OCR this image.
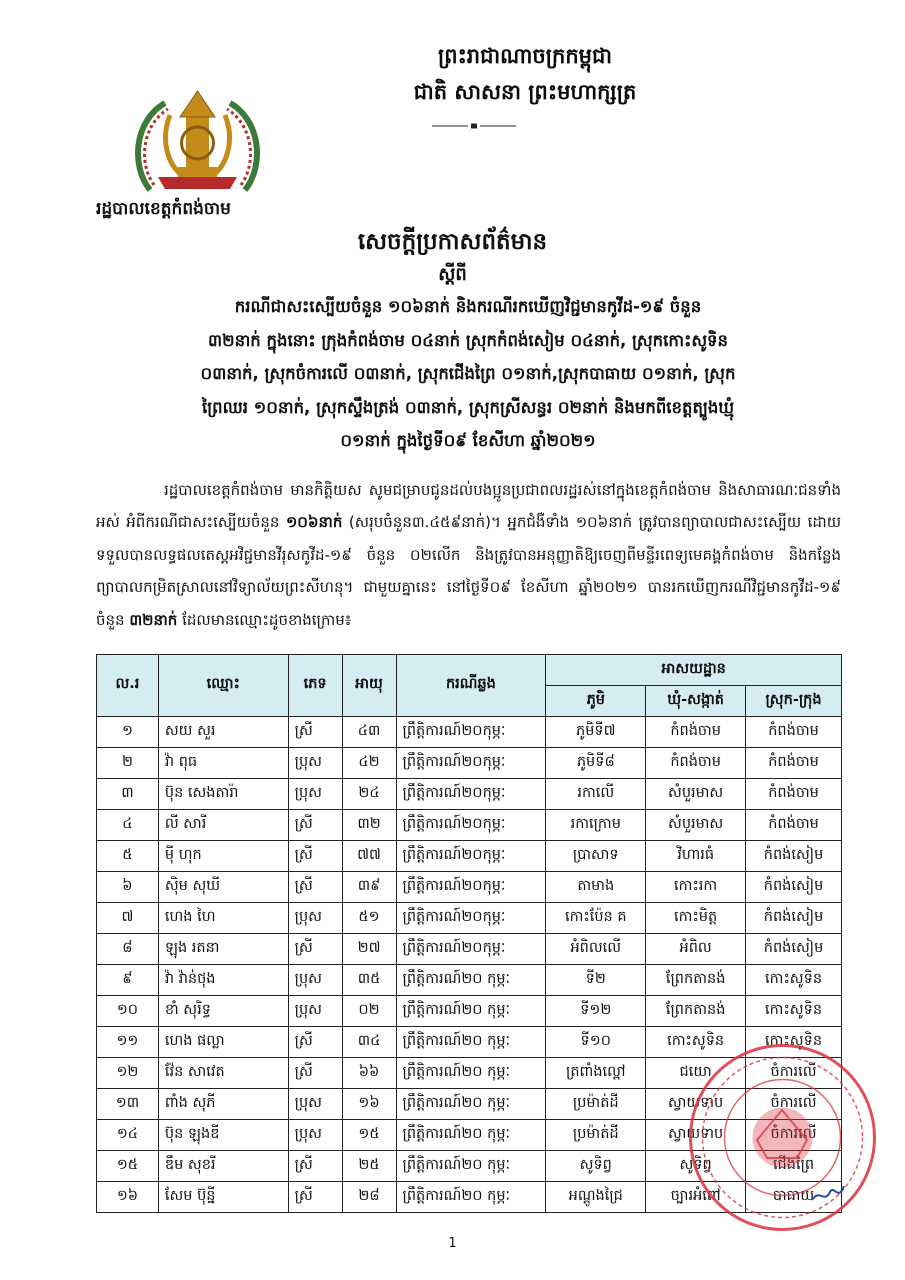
ព្រះរាជាណាចក្រកម្ពុជា
ជាតិ សាសនា ព្រះមហាក្សត្រ
រដ្ឋបាលខេត្តកំពង់ចាម
សេចក្តីប្រកាសព័ត៌មាន
ស្តីពី
ករណីជាសះស្បើយចំនួន ១០៦នាក់ និងករណីរកឃើញវិជ្ជមានកូវីដ-១៩ ចំនួន
៣២នាក់ ក្នុងនោះ ក្រុងកំពង់ចាម ០៤នាក់ ស្រុកកំពង់សៀម ០៤នាក់, ស្រុកកោះសូទិន
០៣នាក់, ស្រុកចំការលើ ០៣នាក់, ស្រុកជើងព្រៃ ០១នាក់,ស្រុកបាធាយ ០១នាក់, ស្រុក
ព្រៃឈរ ១០នាក់, ស្រុកស្ទឹងត្រង់ ០៣នាក់, ស្រុកស្រីសន្ធរ ០២នាក់ និងមកពីខេត្តត្បូងឃ្មុំ
០១នាក់ ក្នុងថ្ងៃទី០៩ ខែសីហា ឆ្នាំ២០២១
រដ្ឋបាលខេត្តកំពង់ចាម មានកិត្តិយស សូមជម្រាបជូនដល់បងប្អូនប្រជាពលរដ្ឋរស់នៅក្នុងខេត្តកំពង់ចាម និងសាធារណៈជនទាំងអស់ អំពីករណីជាសះស្បើយចំនួន ១០៦នាក់ (សរុបចំនួន៣.៤៥៩នាក់)។ អ្នកជំងឺទាំង ១០៦នាក់ ត្រូវបានព្យាបាលជាសះស្បើយ ដោយទទួលបានលទ្ធផលតេស្តអវិជ្ជមានវីរុសកូវីដ-១៩ ចំនួន ០២លើក និងត្រូវបានអនុញ្ញាតិឱ្យចេញពីមន្ទីរពេទ្យមេគង្គកំពង់ចាម និងកន្លែងព្យាបាលកម្រិតស្រាលនៅវិទ្យាល័យព្រះសីហនុ។ ជាមួយគ្នានេះ នៅថ្ងៃទី០៩ ខែសីហា ឆ្នាំ២០២១ បានរកឃើញករណីវិជ្ជមានកូវីដ-១៩ ចំនួន ៣២នាក់ ដែលមានឈ្មោះដូចខាងក្រោម៖
ល.រ	ឈ្មោះ	ភេទ	អាយុ	ករណីឆ្លង	អាសយដ្ឋាន		
					ភូមិ	ឃុំ-សង្កាត់	ស្រុក-ក្រុង
១	សយ សួរ	ស្រី	៤៣	ព្រឹត្តិការណ៍២០កុម្ភៈ	ភូមិទី៧	កំពង់ចាម	កំពង់ចាម
២	វ៉ា ពុធ	ប្រុស	៤២	ព្រឹត្តិការណ៍២០កុម្ភៈ	ភូមិទី៨	កំពង់ចាម	កំពង់ចាម
៣	ប៊ុន សេងតារ៉ា	ប្រុស	២៤	ព្រឹត្តិការណ៍២០កុម្ភៈ	រកាលើ	សំបួរមាស	កំពង់ចាម
៤	លី សារី	ស្រី	៣២	ព្រឹត្តិការណ៍២០កុម្ភៈ	រកាក្រោម	សំបួរមាស	កំពង់ចាម
៥	ម៉ី ហុក	ស្រី	៧៧	ព្រឹត្តិការណ៍២០កុម្ភៈ	ប្រាសាទ	វិហារធំ	កំពង់សៀម
៦	ស៊ិម សុឃី	ស្រី	៣៩	ព្រឹត្តិការណ៍២០កុម្ភៈ	តាមាង	កោះរកា	កំពង់សៀម
៧	ហេង ហៃ	ប្រុស	៥១	ព្រឹត្តិការណ៍២០កុម្ភៈ	កោះប៉ែន គ	កោះមិត្ត	កំពង់សៀម
៨	ឡុង រតនា	ស្រី	២៧	ព្រឹត្តិការណ៍២០កុម្ភៈ	អំពិលលើ	អំពិល	កំពង់សៀម
៩	វ៉ា វ៉ាន់ថុង	ប្រុស	៣៥	ព្រឹត្តិការណ៍២០ កុម្ភៈ	ទី២	ព្រែកតានង់	កោះសូទិន
១០	ខាំ សុរិទ្ធ	ប្រុស	០២	ព្រឹត្តិការណ៍២០ កុម្ភៈ	ទី១២	ព្រែកតានង់	កោះសូទិន
១១	ហេង ផល្លា	ស្រី	៣៤	ព្រឹត្តិការណ៍២០ កុម្ភៈ	ទី១០	កោះសូទិន	កោះសូទិន
១២	វ៉ែន សាវេត	ស្រី	៦៦	ព្រឹត្តិការណ៍២០ កុម្ភៈ	ត្រពាំងល្ពៅ	ជយោ	ចំការលើ
១៣	ពាំង សុភី	ប្រុស	១៦	ព្រឹត្តិការណ៍២០ កុម្ភៈ	ប្រម៉ាត់ដី	ស្វាយទាប	ចំការលើ
១៤	ប៊ុន ឡុងឌី	ប្រុស	១៥	ព្រឹត្តិការណ៍២០ កុម្ភៈ	ប្រម៉ាត់ដី	ស្វាយទាប	ចំការលើ
១៥	ឌឹម សុខរី	ស្រី	២៥	ព្រឹត្តិការណ៍២០ កុម្ភៈ	សូទិព្វ	សូទិព្វ	ជើងព្រៃ
១៦	សែម ប៊ុន្នី	ស្រី	២៨	ព្រឹត្តិការណ៍២០ កុម្ភៈ	អណ្តូងជ្រៃ	ច្បារអំពៅ	បាធាយ
1
